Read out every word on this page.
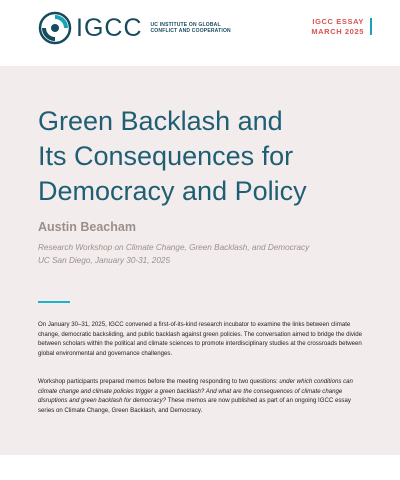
IGCC UC INSTITUTE ON GLOBAL
CONFLICT AND COOPERATION
IGCC ESSAY
MARCH 2025
Green Backlash and
Its Consequences for
Democracy and Policy
Austin Beacham
Research Workshop on Climate Change, Green Backlash, and Democracy
UC San Diego, January 30-31, 2025
On January 30–31, 2025, IGCC convened a first-of-its-kind research incubator to examine the links between climate change, democratic backsliding, and public backlash against green policies. The conversation aimed to bridge the divide between scholars within the political and climate sciences to promote interdisciplinary studies at the crossroads between global environmental and governance challenges.
Workshop participants prepared memos before the meeting responding to two questions: under which conditions can climate change and climate policies trigger a green backlash? And what are the consequences of climate change disruptions and green backlash for democracy? These memos are now published as part of an ongoing IGCC essay series on Climate Change, Green Backlash, and Democracy.
